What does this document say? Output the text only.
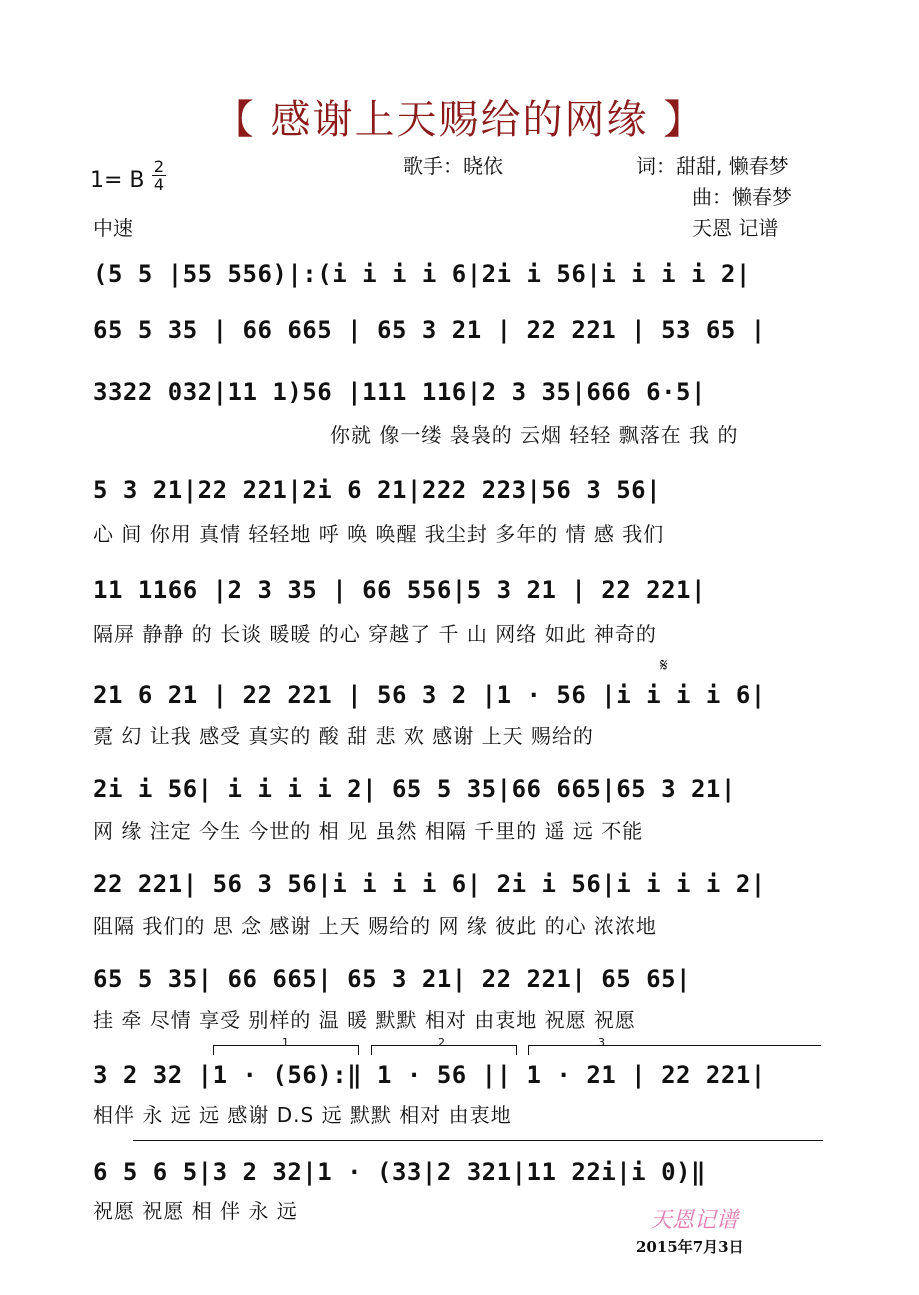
【 感谢上天赐给的网缘 】
1= B
2
4
中速
歌手：晓依	词：甜甜, 懒春梦
曲：懒春梦
天恩 记谱
(5 5 |55 556)|:(i i i i 6|2i i 56|i i i i 2|
65 5 35 | 66 665 | 65 3 21 | 22 221 | 53 65 |
3322 032|11 1)56 |111 116|2 3 35|666 6·5|
你就 像一缕 袅袅的 云烟 轻轻 飘落在 我 的
5 3 21|22 221|2i 6 21|222 223|56 3 56|
心 间 你用 真情 轻轻地 呼 唤 唤醒 我尘封 多年的 情 感 我们
11 1166 |2 3 35 | 66 556|5 3 21 | 22 221|
隔屏 静静 的 长谈 暖暖 的心 穿越了 千 山 网络 如此 神奇的
𝄋
21 6 21 | 22 221 | 56 3 2 |1 · 56 |i i i i 6|
霓 幻 让我 感受 真实的 酸 甜 悲 欢 感谢 上天 赐给的
2i i 56| i i i i 2| 65 5 35|66 665|65 3 21|
网 缘 注定 今生 今世的 相 见 虽然 相隔 千里的 遥 远 不能
22 221| 56 3 56|i i i i 6| 2i i 56|i i i i 2|
阻隔 我们的 思 念 感谢 上天 赐给的 网 缘 彼此 的心 浓浓地
65 5 35| 66 665| 65 3 21| 22 221| 65 65|
挂 牵 尽情 享受 别样的 温 暖 默默 相对 由衷地 祝愿 祝愿
1	2	3
3 2 32 |1 · (56):‖ 1 · 56 || 1 · 21 | 22 221|
相伴 永 远 远 感谢 D.S 远 默默 相对 由衷地
6 5 6 5|3 2 32|1 · (33|2 321|11 22i|i 0)‖
祝愿 祝愿 相 伴 永 远	天恩记谱
2015年7月3日
